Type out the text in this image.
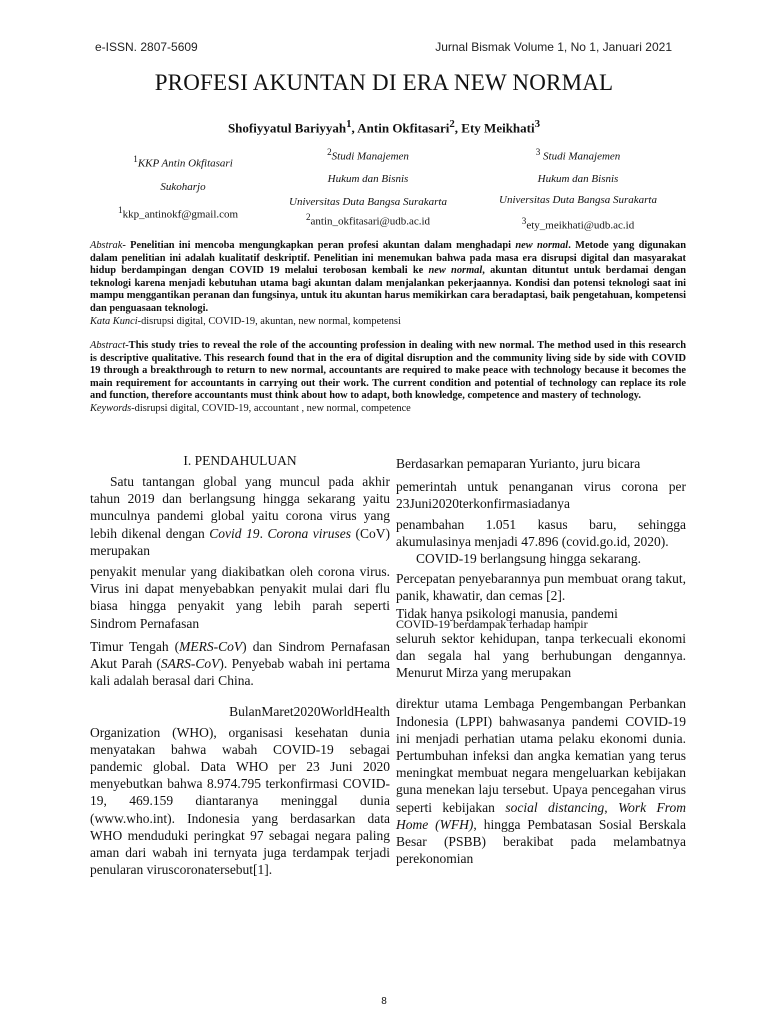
e-ISSN. 2807-5609	Jurnal Bismak Volume 1, No 1, Januari 2021
PROFESI AKUNTAN DI ERA NEW NORMAL
Shofiyyatul Bariyyah$^1$, Antin Okfitasari$^2$, Ety Meikhati$^3$
$^1$KKP Antin Okfitasari
Sukoharjo
$^1$kkp_antinokf@gmail.com
$^2$Studi Manajemen
Hukum dan Bisnis
Universitas Duta Bangsa Surakarta
$^2$antin_okfitasari@udb.ac.id
$^3$ Studi Manajemen
Hukum dan Bisnis
Universitas Duta Bangsa Surakarta
$^3$ety_meikhati@udb.ac.id
Abstrak- Penelitian ini mencoba mengungkapkan peran profesi akuntan dalam menghadapi new normal. Metode yang digunakan dalam penelitian ini adalah kualitatif deskriptif. Penelitian ini menemukan bahwa pada masa era disrupsi digital dan masyarakat hidup berdampingan dengan COVID 19 melalui terobosan kembali ke new normal, akuntan dituntut untuk berdamai dengan teknologi karena menjadi kebutuhan utama bagi akuntan dalam menjalankan pekerjaannya. Kondisi dan potensi teknologi saat ini mampu menggantikan peranan dan fungsinya, untuk itu akuntan harus memikirkan cara beradaptasi, baik pengetahuan, kompetensi dan penguasaan teknologi.
Kata Kunci-disrupsi digital, COVID-19, akuntan, new normal, kompetensi
Abstract-This study tries to reveal the role of the accounting profession in dealing with new normal. The method used in this research is descriptive qualitative. This research found that in the era of digital disruption and the community living side by side with COVID 19 through a breakthrough to return to new normal, accountants are required to make peace with technology because it becomes the main requirement for accountants in carrying out their work. The current condition and potential of technology can replace its role and function, therefore accountants must think about how to adapt, both knowledge, competence and mastery of technology.
Keywords-disrupsi digital, COVID-19, accountant , new normal, competence
I. PENDAHULUAN

Satu tantangan global yang muncul pada akhir tahun 2019 dan berlangsung hingga sekarang yaitu munculnya pandemi global yaitu corona virus yang lebih dikenal dengan Covid 19. Corona viruses (CoV) merupakan

penyakit menular yang diakibatkan oleh corona virus. Virus ini dapat menyebabkan penyakit mulai dari flu biasa hingga penyakit yang lebih parah seperti Sindrom Pernafasan

Timur Tengah (MERS-CoV) dan Sindrom Pernafasan Akut Parah (SARS-CoV). Penyebab wabah ini pertama kali adalah berasal dari China.

BulanMaret2020WorldHealth

Organization (WHO), organisasi kesehatan dunia menyatakan bahwa wabah COVID-19 sebagai pandemic global. Data WHO per 23 Juni 2020 menyebutkan bahwa 8.974.795 terkonfirmasi COVID-19, 469.159 diantaranya meninggal dunia (www.who.int). Indonesia yang berdasarkan data WHO menduduki peringkat 97 sebagai negara paling aman dari wabah ini ternyata juga terdampak terjadi penularan viruscoronatersebut[1].

Berdasarkan pemaparan Yurianto, juru bicara

pemerintah untuk penanganan virus corona per 23Juni2020terkonfirmasiadanya

penambahan 1.051 kasus baru, sehingga akumulasinya menjadi 47.896 (covid.go.id, 2020).

COVID-19 berlangsung hingga sekarang.

Percepatan penyebarannya pun membuat orang takut, panik, khawatir, dan cemas [2].

Tidak hanya psikologi manusia, pandemi

COVID-19 berdampak terhadap hampir

seluruh sektor kehidupan, tanpa terkecuali ekonomi dan segala hal yang berhubungan dengannya. Menurut Mirza yang merupakan

direktur utama Lembaga Pengembangan Perbankan Indonesia (LPPI) bahwasanya pandemi COVID-19 ini menjadi perhatian utama pelaku ekonomi dunia. Pertumbuhan infeksi dan angka kematian yang terus meningkat membuat negara mengeluarkan kebijakan guna menekan laju tersebut. Upaya pencegahan virus seperti kebijakan social distancing, Work From Home (WFH), hingga Pembatasan Sosial Berskala Besar (PSBB) berakibat pada melambatnya perekonomian

8
